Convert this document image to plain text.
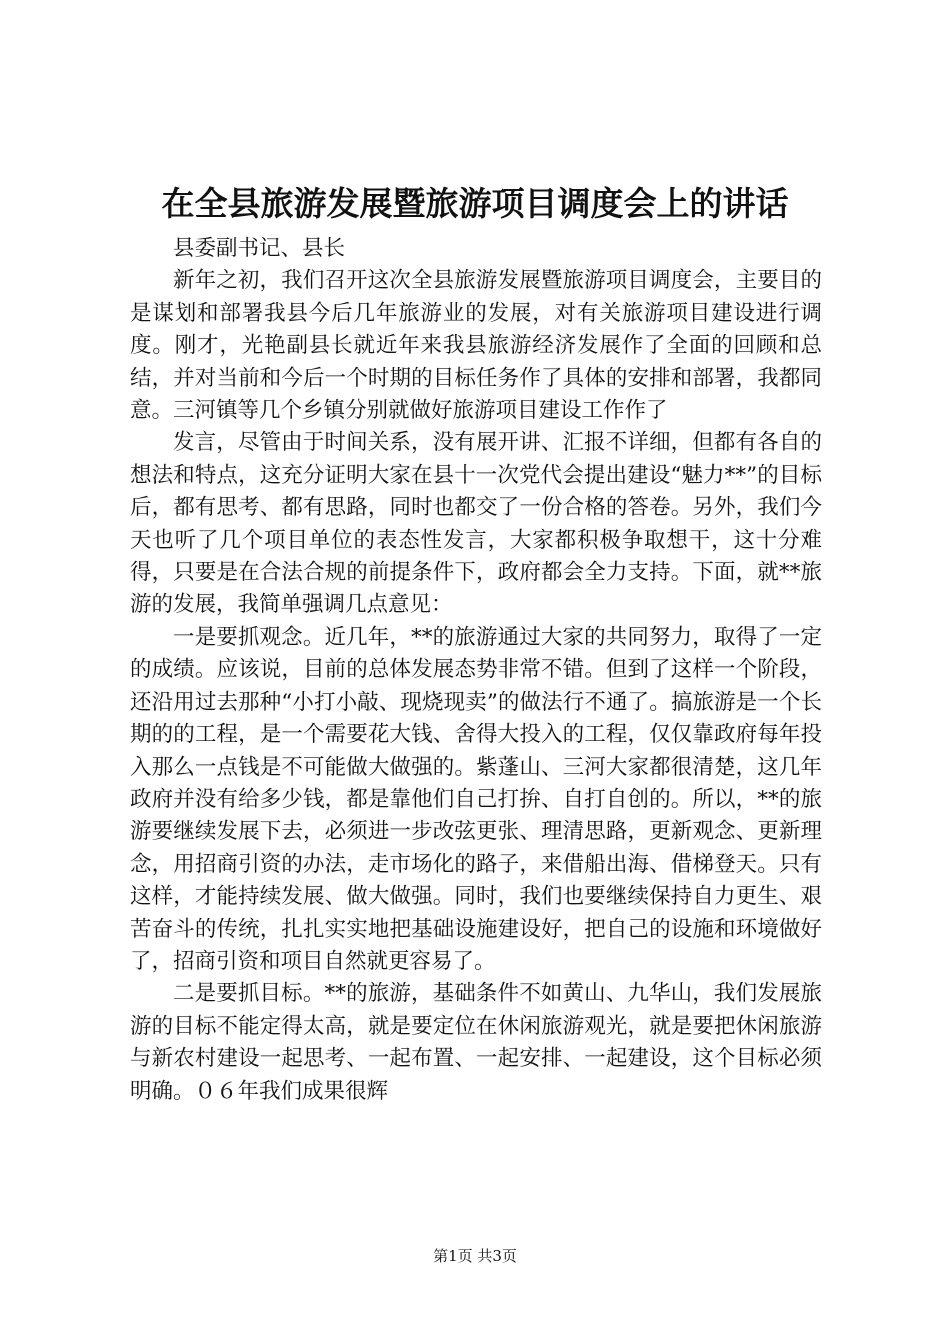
在全县旅游发展暨旅游项目调度会上的讲话

县委副书记、县长

新年之初，我们召开这次全县旅游发展暨旅游项目调度会，主要目的是谋划和部署我县今后几年旅游业的发展，对有关旅游项目建设进行调度。刚才，光艳副县长就近年来我县旅游经济发展作了全面的回顾和总结，并对当前和今后一个时期的目标任务作了具体的安排和部署，我都同意。三河镇等几个乡镇分别就做好旅游项目建设工作作了

发言，尽管由于时间关系，没有展开讲、汇报不详细，但都有各自的想法和特点，这充分证明大家在县十一次党代会提出建设“魅力**”的目标后，都有思考、都有思路，同时也都交了一份合格的答卷。另外，我们今天也听了几个项目单位的表态性发言，大家都积极争取想干，这十分难得，只要是在合法合规的前提条件下，政府都会全力支持。下面，就**旅游的发展，我简单强调几点意见：

一是要抓观念。近几年，**的旅游通过大家的共同努力，取得了一定的成绩。应该说，目前的总体发展态势非常不错。但到了这样一个阶段，还沿用过去那种“小打小敲、现烧现卖”的做法行不通了。搞旅游是一个长期的的工程，是一个需要花大钱、舍得大投入的工程，仅仅靠政府每年投入那么一点钱是不可能做大做强的。紫蓬山、三河大家都很清楚，这几年政府并没有给多少钱，都是靠他们自己打拚、自打自创的。所以，**的旅游要继续发展下去，必须进一步改弦更张、理清思路，更新观念、更新理念，用招商引资的办法，走市场化的路子，来借船出海、借梯登天。只有这样，才能持续发展、做大做强。同时，我们也要继续保持自力更生、艰苦奋斗的传统，扎扎实实地把基础设施建设好，把自己的设施和环境做好了，招商引资和项目自然就更容易了。

二是要抓目标。**的旅游，基础条件不如黄山、九华山，我们发展旅游的目标不能定得太高，就是要定位在休闲旅游观光，就是要把休闲旅游与新农村建设一起思考、一起布置、一起安排、一起建设，这个目标必须明确。０６年我们成果很辉

第1页 共3页
